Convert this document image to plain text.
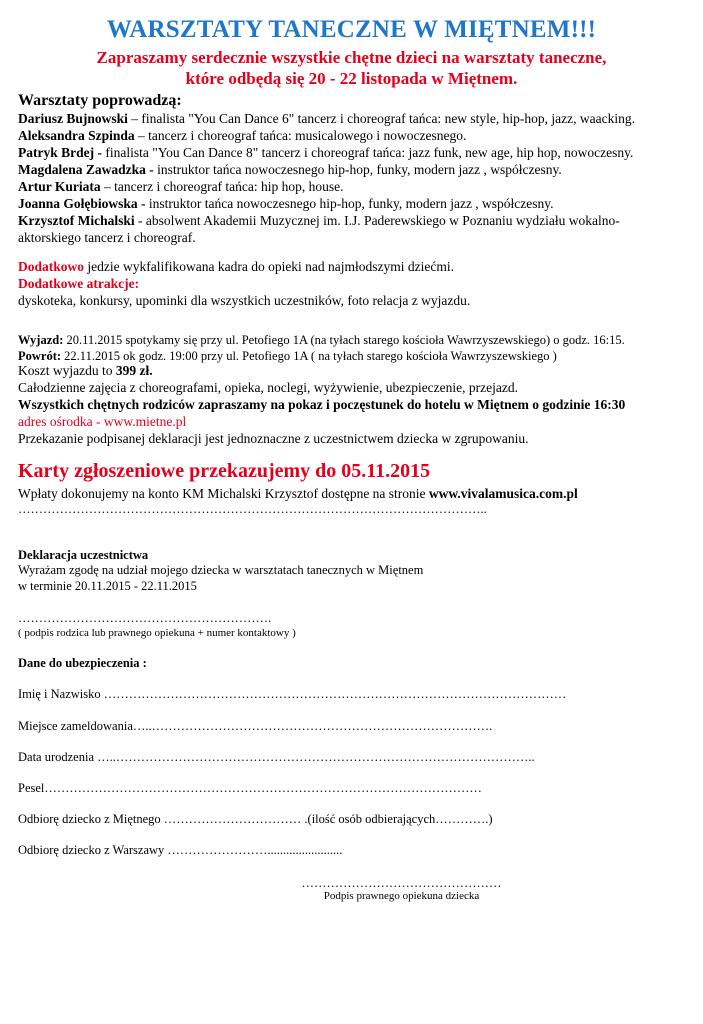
WARSZTATY TANECZNE W MIĘTNEM!!!
Zapraszamy serdecznie wszystkie chętne dzieci na warsztaty taneczne,
które odbędą się 20 - 22 listopada w Miętnem.
Warsztaty poprowadzą:
Dariusz Bujnowski – finalista "You Can Dance 6" tancerz i choreograf tańca: new style, hip-hop, jazz, waacking.
Aleksandra Szpinda – tancerz i choreograf tańca: musicalowego i nowoczesnego.
Patryk Brdej - finalista "You Can Dance 8" tancerz i choreograf tańca: jazz funk, new age, hip hop, nowoczesny.
Magdalena Zawadzka - instruktor tańca nowoczesnego hip-hop, funky, modern jazz , współczesny.
Artur Kuriata – tancerz i choreograf tańca: hip hop, house.
Joanna Gołębiowska - instruktor tańca nowoczesnego hip-hop, funky, modern jazz , współczesny.
Krzysztof Michalski - absolwent Akademii Muzycznej im. I.J. Paderewskiego w Poznaniu wydziału wokalno-
aktorskiego tancerz i choreograf.
Dodatkowo jedzie wykfalifikowana kadra do opieki nad najmłodszymi dziećmi.
Dodatkowe atrakcje:
dyskoteka, konkursy, upominki dla wszystkich uczestników, foto relacja z wyjazdu.
Wyjazd: 20.11.2015 spotykamy się przy ul. Petofiego 1A (na tyłach starego kościoła Wawrzyszewskiego) o godz. 16:15.
Powrót: 22.11.2015 ok godz. 19:00 przy ul. Petofiego 1A ( na tyłach starego kościoła Wawrzyszewskiego )
Koszt wyjazdu to 399 zł.
Całodzienne zajęcia z choreografami, opieka, noclegi, wyżywienie, ubezpieczenie, przejazd.
Wszystkich chętnych rodziców zapraszamy na pokaz i poczęstunek do hotelu w Miętnem o godzinie 16:30
adres ośrodka - www.mietne.pl
Przekazanie podpisanej deklaracji jest jednoznaczne z uczestnictwem dziecka w zgrupowaniu.
Karty zgłoszeniowe przekazujemy do 05.11.2015
Wpłaty dokonujemy na konto KM Michalski Krzysztof dostępne na stronie www.vivalamusica.com.pl
…………………………………………………………………………………………………..
Deklaracja uczestnictwa
Wyrażam zgodę na udział mojego dziecka w warsztatach tanecznych w Miętnem
w terminie 20.11.2015 - 22.11.2015
…………………………………………………….
( podpis rodzica lub prawnego opiekuna + numer kontaktowy )
Dane do ubezpieczenia :
Imię i Nazwisko …………………………………………………………………………………………………
Miejsce zameldowania…..……………………………………………………………………….
Data urodzenia …..………………………………………………………………………………………..
Pesel……………………………………………………………………………………………
Odbiorę dziecko z Miętnego …………………………… .(ilość osób odbierających………….)
Odbiorę dziecko z Warszawy ……………………........................
…………………………………………
Podpis prawnego opiekuna dziecka
